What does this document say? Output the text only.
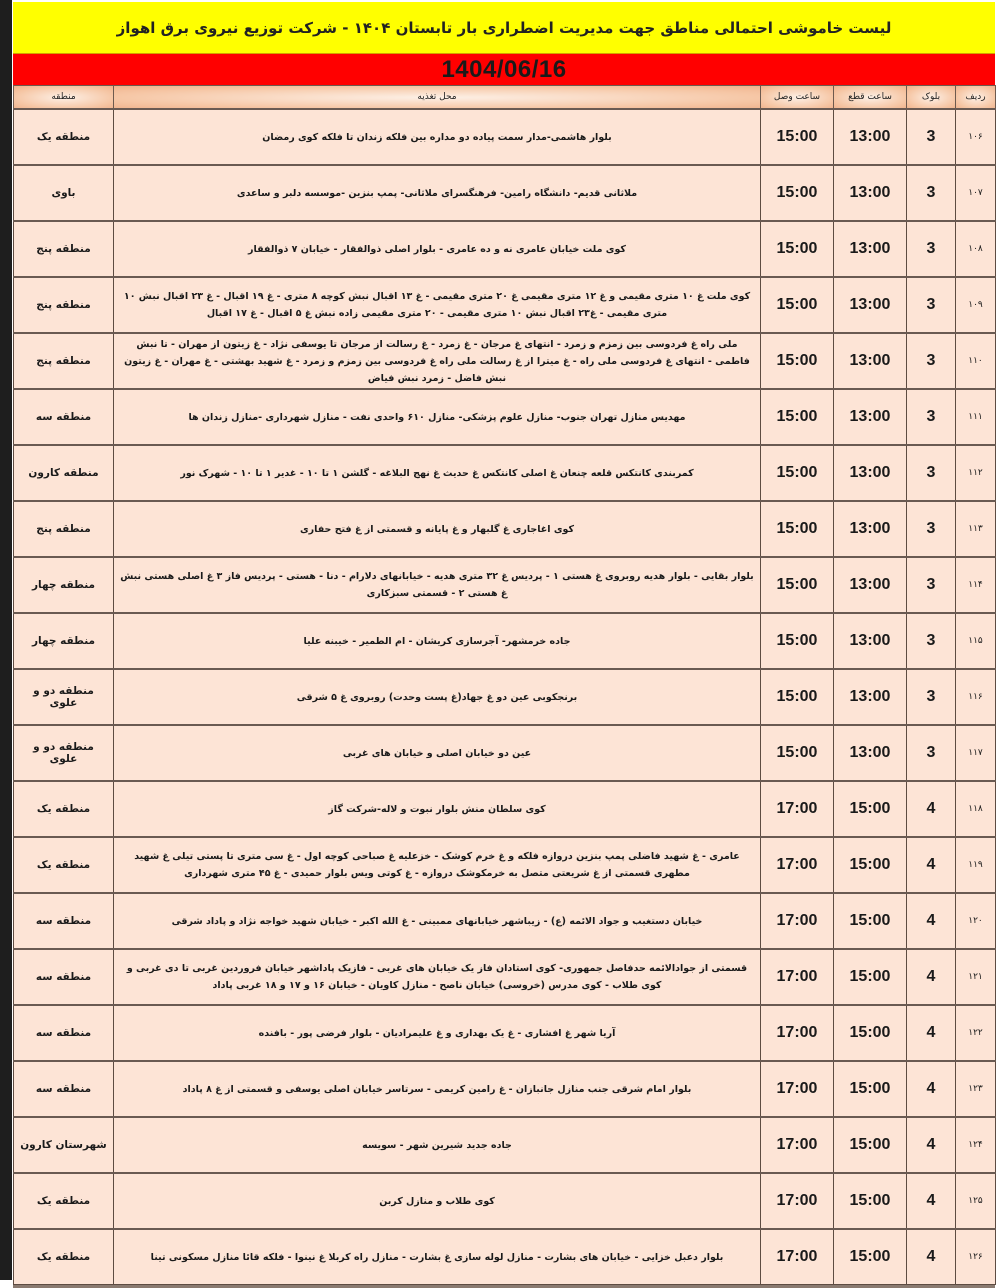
لیست خاموشی احتمالی مناطق جهت مدیریت اضطراری بار تابستان ۱۴۰۴ - شرکت توزیع نیروی برق اهواز
1404/06/16
ردیف	بلوک	ساعت قطع	ساعت وصل	محل تغذیه	منطقه
۱۰۶	3	13:00	15:00	بلوار هاشمی-مدار سمت پیاده دو مداره بین فلکه زندان تا فلکه کوی رمضان	منطقه یک
۱۰۷	3	13:00	15:00	ملاثانی قدیم- دانشگاه رامین- فرهنگسرای ملاثانی- پمپ بنزین -موسسه دلبر و ساعدی	باوی
۱۰۸	3	13:00	15:00	کوی ملت خیابان عامری نه و ده عامری - بلوار اصلی ذوالفقار - خیابان ۷ ذوالفقار	منطقه پنج
۱۰۹	3	13:00	15:00	کوی ملت غ ۱۰ متری مقیمی و غ ۱۲ متری مقیمی غ ۲۰ متری مقیمی - غ ۱۳ اقبال نبش کوچه ۸ متری - غ ۱۹ اقبال - غ ۲۳ اقبال نبش ۱۰ متری مقیمی - غ۲۳ اقبال نبش ۱۰ متری مقیمی - ۲۰ متری مقیمی زاده نبش غ ۵ اقبال - غ ۱۷ اقبال	منطقه پنج
۱۱۰	3	13:00	15:00	ملی راه غ فردوسی بین زمزم و زمرد - انتهای غ مرجان - غ زمرد - غ رسالت از مرجان تا یوسفی نژاد - غ زیتون از مهران - تا نبش فاطمی - انتهای غ فردوسی ملی راه - غ میترا از غ رسالت ملی راه غ فردوسی بین زمزم و زمرد - غ شهید بهشتی - غ مهران - غ زیتون نبش فاضل - زمرد نبش فیاض	منطقه پنج
۱۱۱	3	13:00	15:00	مهدیس منازل تهران جنوب- منازل علوم پزشکی- منازل ۶۱۰ واحدی نفت - منازل شهرداری -منازل زندان ها	منطقه سه
۱۱۲	3	13:00	15:00	کمربندی کانتکس قلعه چنعان غ اصلی کانتکس غ حدیث غ نهج البلاغه - گلشن ۱ تا ۱۰ - غدیر ۱ تا ۱۰ - شهرک نور	منطقه کارون
۱۱۳	3	13:00	15:00	کوی اغاجاری غ گلبهار و غ پایانه و قسمتی از غ فتح حفاری	منطقه پنج
۱۱۴	3	13:00	15:00	بلوار بقایی - بلوار هدیه روبروی غ هستی ۱ - پردیس غ ۳۲ متری هدیه - خیابانهای دلارام - دنا - هستی - پردیس فاز ۳ غ اصلی هستی نبش غ هستی ۲ - قسمتی سبزکاری	منطقه چهار
۱۱۵	3	13:00	15:00	جاده خرمشهر- آجرسازی کریشان - ام الطمیر - خیبنه علیا	منطقه چهار
۱۱۶	3	13:00	15:00	برنجکوبی عین دو غ جهاد(غ پست وحدت) روبروی غ ۵ شرقی	منطقه دو و علوی
۱۱۷	3	13:00	15:00	عین دو خیابان اصلی و خیابان های غربی	منطقه دو و علوی
۱۱۸	4	15:00	17:00	کوی سلطان منش بلوار نبوت و لاله-شرکت گاز	منطقه یک
۱۱۹	4	15:00	17:00	عامری - غ شهید فاضلی پمپ بنزین دروازه فلکه و غ خرم کوشک - خزعلیه غ صباحی کوچه اول - غ سی متری تا پستی تیلی غ شهید مطهری قسمتی از غ شریعتی متصل به خرمکوشک دروازه - غ کوتی ویس بلوار حمیدی - غ ۴۵ متری شهرداری	منطقه یک
۱۲۰	4	15:00	17:00	خیابان دستغیب و جواد الائمه (ع) - زیباشهر خیابانهای ممبینی - غ الله اکبر - خیابان شهید خواجه نژاد و پاداد شرقی	منطقه سه
۱۲۱	4	15:00	17:00	قسمتی از جوادالائمه حدفاصل جمهوری- کوی استادان فاز یک خیابان های غربی - فازیک پاداشهر خیابان فروردین غربی تا دی غربی و کوی طلاب - کوی مدرس (خروسی) خیابان ناصح - منازل کاویان - خیابان ۱۶ و ۱۷ و ۱۸ غربی پاداد	منطقه سه
۱۲۲	4	15:00	17:00	آریا شهر غ افشاری - غ یک بهداری و غ علیمرادیان - بلوار فرضی پور - بافنده	منطقه سه
۱۲۳	4	15:00	17:00	بلوار امام شرقی جنب منازل جانبازان - غ رامین کریمی - سرتاسر خیابان اصلی یوسفی و قسمتی از غ ۸ پاداد	منطقه سه
۱۲۴	4	15:00	17:00	جاده جدید شیرین شهر - سویسه	شهرستان کارون
۱۲۵	4	15:00	17:00	کوی طلاب و منازل کربن	منطقه یک
۱۲۶	4	15:00	17:00	بلوار دعبل خزایی - خیابان های بشارت - منازل لوله سازی غ بشارت - منازل راه کربلا غ نینوا - فلکه قائا منازل مسکونی تینا	منطقه یک
